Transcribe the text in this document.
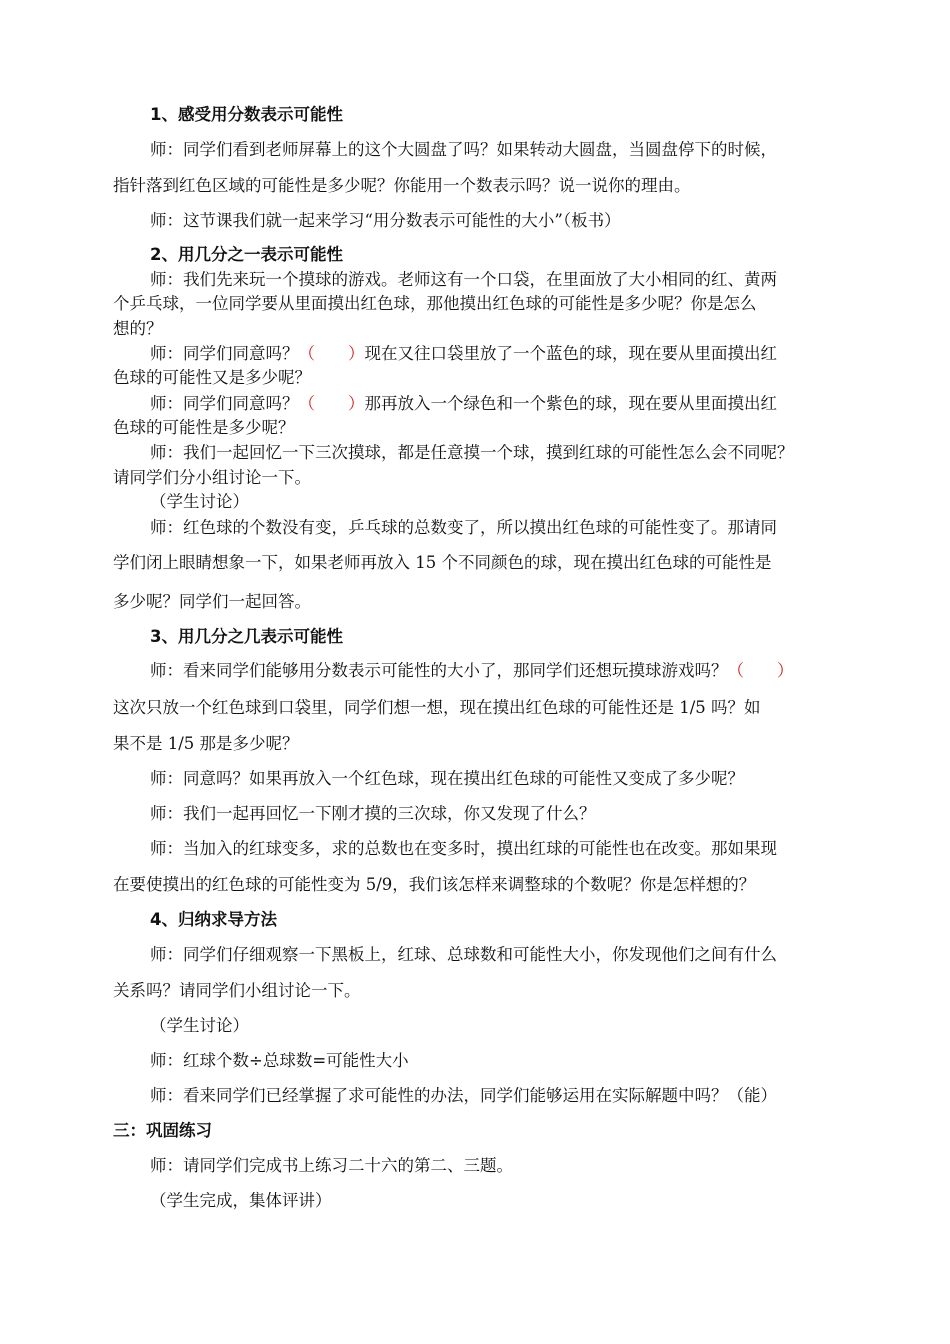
1、感受用分数表示可能性
师：同学们看到老师屏幕上的这个大圆盘了吗？如果转动大圆盘，当圆盘停下的时候，
指针落到红色区域的可能性是多少呢？你能用一个数表示吗？说一说你的理由。
师：这节课我们就一起来学习“用分数表示可能性的大小”（板书）
2、用几分之一表示可能性
师：我们先来玩一个摸球的游戏。老师这有一个口袋，在里面放了大小相同的红、黄两
个乒乓球，一位同学要从里面摸出红色球，那他摸出红色球的可能性是多少呢？你是怎么
想的？
师：同学们同意吗？（　　）现在又往口袋里放了一个蓝色的球，现在要从里面摸出红
色球的可能性又是多少呢？
师：同学们同意吗？（　　）那再放入一个绿色和一个紫色的球，现在要从里面摸出红
色球的可能性是多少呢？
师：我们一起回忆一下三次摸球，都是任意摸一个球，摸到红球的可能性怎么会不同呢？
请同学们分小组讨论一下。
（学生讨论）
师：红色球的个数没有变，乒乓球的总数变了，所以摸出红色球的可能性变了。那请同
学们闭上眼睛想象一下，如果老师再放入 15 个不同颜色的球，现在摸出红色球的可能性是
多少呢？同学们一起回答。
3、用几分之几表示可能性
师：看来同学们能够用分数表示可能性的大小了，那同学们还想玩摸球游戏吗？（　　）
这次只放一个红色球到口袋里，同学们想一想，现在摸出红色球的可能性还是 1/5 吗？如
果不是 1/5 那是多少呢？
师：同意吗？如果再放入一个红色球，现在摸出红色球的可能性又变成了多少呢？
师：我们一起再回忆一下刚才摸的三次球，你又发现了什么？
师：当加入的红球变多，求的总数也在变多时，摸出红球的可能性也在改变。那如果现
在要使摸出的红色球的可能性变为 5/9，我们该怎样来调整球的个数呢？你是怎样想的？
4、归纳求导方法
师：同学们仔细观察一下黑板上，红球、总球数和可能性大小，你发现他们之间有什么
关系吗？请同学们小组讨论一下。
（学生讨论）
师：红球个数÷总球数=可能性大小
师：看来同学们已经掌握了求可能性的办法，同学们能够运用在实际解题中吗？（能）
三：巩固练习
师：请同学们完成书上练习二十六的第二、三题。
（学生完成，集体评讲）
